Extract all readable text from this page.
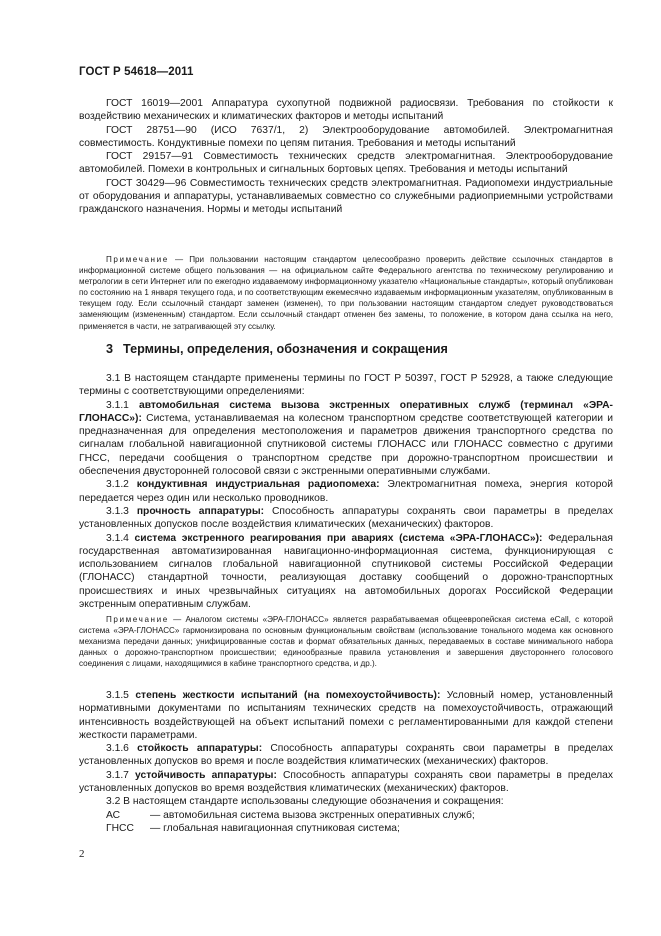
ГОСТ Р 54618—2011

ГОСТ 16019—2001 Аппаратура сухопутной подвижной радиосвязи. Требования по стойкости к воздействию механических и климатических факторов и методы испытаний

ГОСТ 28751—90 (ИСО 7637/1, 2) Электрооборудование автомобилей. Электромагнитная совместимость. Кондуктивные помехи по цепям питания. Требования и методы испытаний

ГОСТ 29157—91 Совместимость технических средств электромагнитная. Электрооборудование автомобилей. Помехи в контрольных и сигнальных бортовых цепях. Требования и методы испытаний

ГОСТ 30429—96 Совместимость технических средств электромагнитная. Радиопомехи индустриальные от оборудования и аппаратуры, устанавливаемых совместно со служебными радиоприемными устройствами гражданского назначения. Нормы и методы испытаний

Примечание — При пользовании настоящим стандартом целесообразно проверить действие ссылочных стандартов в информационной системе общего пользования — на официальном сайте Федерального агентства по техническому регулированию и метрологии в сети Интернет или по ежегодно издаваемому информационному указателю «Национальные стандарты», который опубликован по состоянию на 1 января текущего года, и по соответствующим ежемесячно издаваемым информационным указателям, опубликованным в текущем году. Если ссылочный стандарт заменен (изменен), то при пользовании настоящим стандартом следует руководствоваться заменяющим (измененным) стандартом. Если ссылочный стандарт отменен без замены, то положение, в котором дана ссылка на него, применяется в части, не затрагивающей эту ссылку.

3 Термины, определения, обозначения и сокращения

3.1 В настоящем стандарте применены термины по ГОСТ Р 50397, ГОСТ Р 52928, а также следующие термины с соответствующими определениями:

3.1.1 автомобильная система вызова экстренных оперативных служб (терминал «ЭРА-ГЛОНАСС»): Система, устанавливаемая на колесном транспортном средстве соответствующей категории и предназначенная для определения местоположения и параметров движения транспортного средства по сигналам глобальной навигационной спутниковой системы ГЛОНАСС или ГЛОНАСС совместно с другими ГНСС, передачи сообщения о транспортном средстве при дорожно-транспортном происшествии и обеспечения двусторонней голосовой связи с экстренными оперативными службами.

3.1.2 кондуктивная индустриальная радиопомеха: Электромагнитная помеха, энергия которой передается через один или несколько проводников.

3.1.3 прочность аппаратуры: Способность аппаратуры сохранять свои параметры в пределах установленных допусков после воздействия климатических (механических) факторов.

3.1.4 система экстренного реагирования при авариях (система «ЭРА-ГЛОНАСС»): Федеральная государственная автоматизированная навигационно-информационная система, функционирующая с использованием сигналов глобальной навигационной спутниковой системы Российской Федерации (ГЛОНАСС) стандартной точности, реализующая доставку сообщений о дорожно-транспортных происшествиях и иных чрезвычайных ситуациях на автомобильных дорогах Российской Федерации экстренным оперативным службам.

Примечание — Аналогом системы «ЭРА-ГЛОНАСС» является разрабатываемая общеевропейская система eCall, с которой система «ЭРА-ГЛОНАСС» гармонизирована по основным функциональным свойствам (использование тонального модема как основного механизма передачи данных; унифицированные состав и формат обязательных данных, передаваемых в составе минимального набора данных о дорожно-транспортном происшествии; единообразные правила установления и завершения двустороннего голосового соединения с лицами, находящимися в кабине транспортного средства, и др.).

3.1.5 степень жесткости испытаний (на помехоустойчивость): Условный номер, установленный нормативными документами по испытаниям технических средств на помехоустойчивость, отражающий интенсивность воздействующей на объект испытаний помехи с регламентированными для каждой степени жесткости параметрами.

3.1.6 стойкость аппаратуры: Способность аппаратуры сохранять свои параметры в пределах установленных допусков во время и после воздействия климатических (механических) факторов.

3.1.7 устойчивость аппаратуры: Способность аппаратуры сохранять свои параметры в пределах установленных допусков во время воздействия климатических (механических) факторов.

3.2 В настоящем стандарте использованы следующие обозначения и сокращения:

АС	— автомобильная система вызова экстренных оперативных служб;
ГНСС	— глобальная навигационная спутниковая система;
2
